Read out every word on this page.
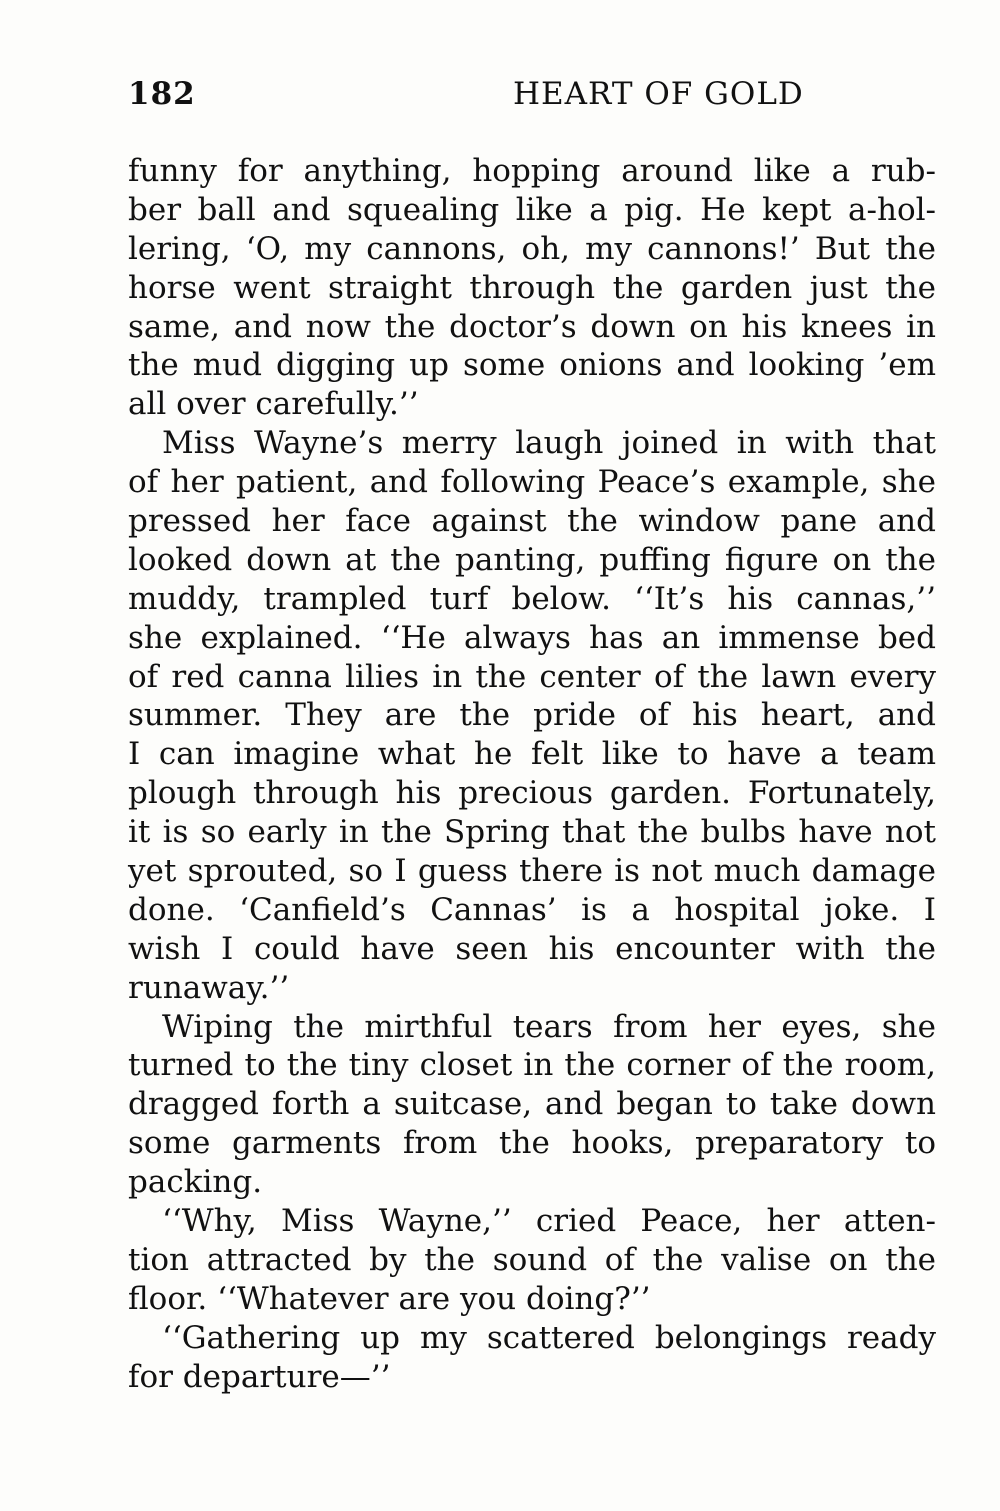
182	HEART OF GOLD
funny for anything, hopping around like a rub-
ber ball and squealing like a pig. He kept a-hol-
lering, ‘O, my cannons, oh, my cannons!’ But the
horse went straight through the garden just the
same, and now the doctor’s down on his knees in
the mud digging up some onions and looking ’em
all over carefully.’’
Miss Wayne’s merry laugh joined in with that
of her patient, and following Peace’s example, she
pressed her face against the window pane and
looked down at the panting, puffing figure on the
muddy, trampled turf below. ‘‘It’s his cannas,’’
she explained. ‘‘He always has an immense bed
of red canna lilies in the center of the lawn every
summer. They are the pride of his heart, and
I can imagine what he felt like to have a team
plough through his precious garden. Fortunately,
it is so early in the Spring that the bulbs have not
yet sprouted, so I guess there is not much damage
done. ‘Canfield’s Cannas’ is a hospital joke. I
wish I could have seen his encounter with the
runaway.’’
Wiping the mirthful tears from her eyes, she
turned to the tiny closet in the corner of the room,
dragged forth a suitcase, and began to take down
some garments from the hooks, preparatory to
packing.
‘‘Why, Miss Wayne,’’ cried Peace, her atten-
tion attracted by the sound of the valise on the
floor. ‘‘Whatever are you doing?’’
‘‘Gathering up my scattered belongings ready
for departure—’’
